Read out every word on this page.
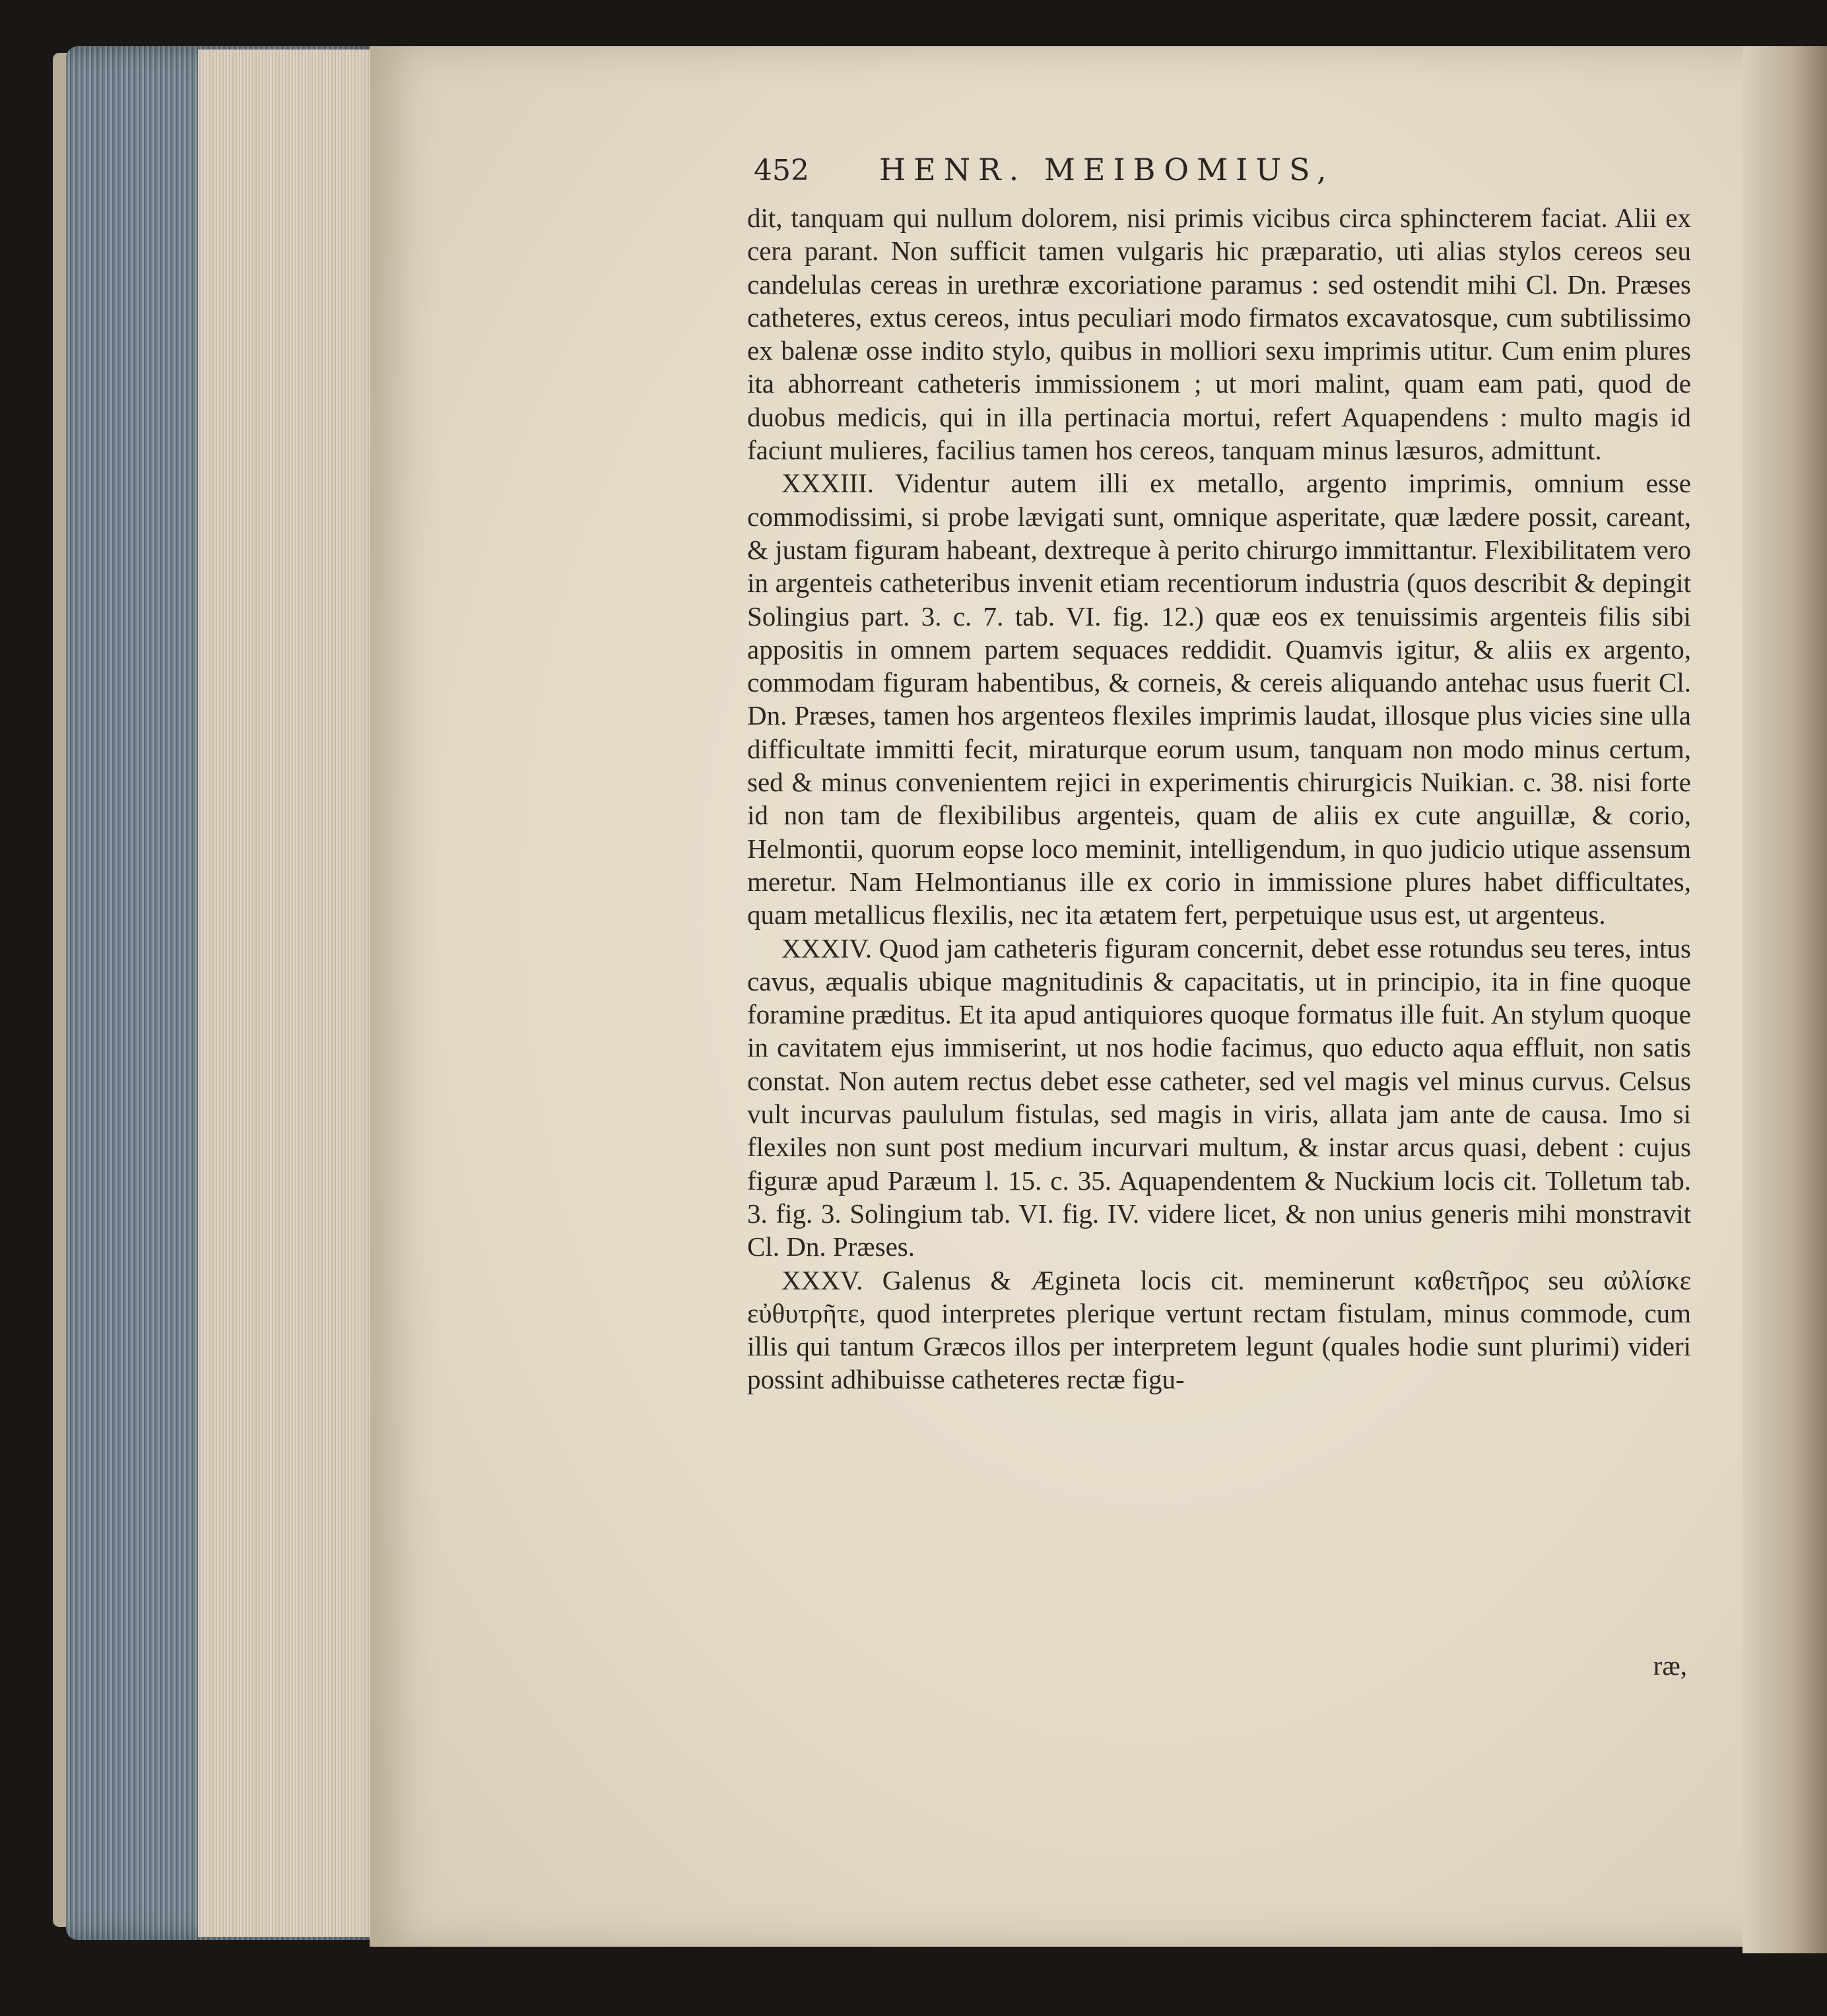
452	HENR. MEIBOMIUS,

dit, tanquam qui nullum dolorem, nisi primis vicibus circa sphincterem faciat. Alii ex cera parant. Non sufficit tamen vulgaris hic præparatio, uti alias stylos cereos seu candelulas cereas in urethræ excoriatione paramus : sed ostendit mihi Cl. Dn. Præses catheteres, extus cereos, intus peculiari modo firmatos excavatosque, cum subtilissimo ex balenæ osse indito stylo, quibus in molliori sexu imprimis utitur. Cum enim plures ita abhorreant catheteris immissionem ; ut mori malint, quam eam pati, quod de duobus medicis, qui in illa pertinacia mortui, refert Aquapendens : multo magis id faciunt mulieres, facilius tamen hos cereos, tanquam minus læsuros, admittunt.

XXXIII. Videntur autem illi ex metallo, argento imprimis, omnium esse commodissimi, si probe lævigati sunt, omnique asperitate, quæ lædere possit, careant, & justam figuram habeant, dextreque à perito chirurgo immittantur. Flexibilitatem vero in argenteis catheteribus invenit etiam recentiorum industria (quos describit & depingit Solingius part. 3. c. 7. tab. VI. fig. 12.) quæ eos ex tenuissimis argenteis filis sibi appositis in omnem partem sequaces reddidit. Quamvis igitur, & aliis ex argento, commodam figuram habentibus, & corneis, & cereis aliquando antehac usus fuerit Cl. Dn. Præses, tamen hos argenteos flexiles imprimis laudat, illosque plus vicies sine ulla difficultate immitti fecit, miraturque eorum usum, tanquam non modo minus certum, sed & minus convenientem rejici in experimentis chirurgicis Nuikian. c. 38. nisi forte id non tam de flexibilibus argenteis, quam de aliis ex cute anguillæ, & corio, Helmontii, quorum eopse loco meminit, intelligendum, in quo judicio utique assensum meretur. Nam Helmontianus ille ex corio in immissione plures habet difficultates, quam metallicus flexilis, nec ita ætatem fert, perpetuique usus est, ut argenteus.

XXXIV. Quod jam catheteris figuram concernit, debet esse rotundus seu teres, intus cavus, æqualis ubique magnitudinis & capacitatis, ut in principio, ita in fine quoque foramine præditus. Et ita apud antiquiores quoque formatus ille fuit. An stylum quoque in cavitatem ejus immiserint, ut nos hodie facimus, quo educto aqua effluit, non satis constat. Non autem rectus debet esse catheter, sed vel magis vel minus curvus. Celsus vult incurvas paululum fistulas, sed magis in viris, allata jam ante de causa. Imo si flexiles non sunt post medium incurvari multum, & instar arcus quasi, debent : cujus figuræ apud Paræum l. 15. c. 35. Aquapendentem & Nuckium locis cit. Tolletum tab. 3. fig. 3. Solingium tab. VI. fig. IV. videre licet, & non unius generis mihi monstravit Cl. Dn. Præses.

XXXV. Galenus & Ægineta locis cit. meminerunt καθετῆρος seu αὐλίσκε εὐθυτρῆτε, quod interpretes plerique vertunt rectam fistulam, minus commode, cum illis qui tantum Græcos illos per interpretem legunt (quales hodie sunt plurimi) videri possint adhibuisse catheteres rectæ figu-

ræ,
